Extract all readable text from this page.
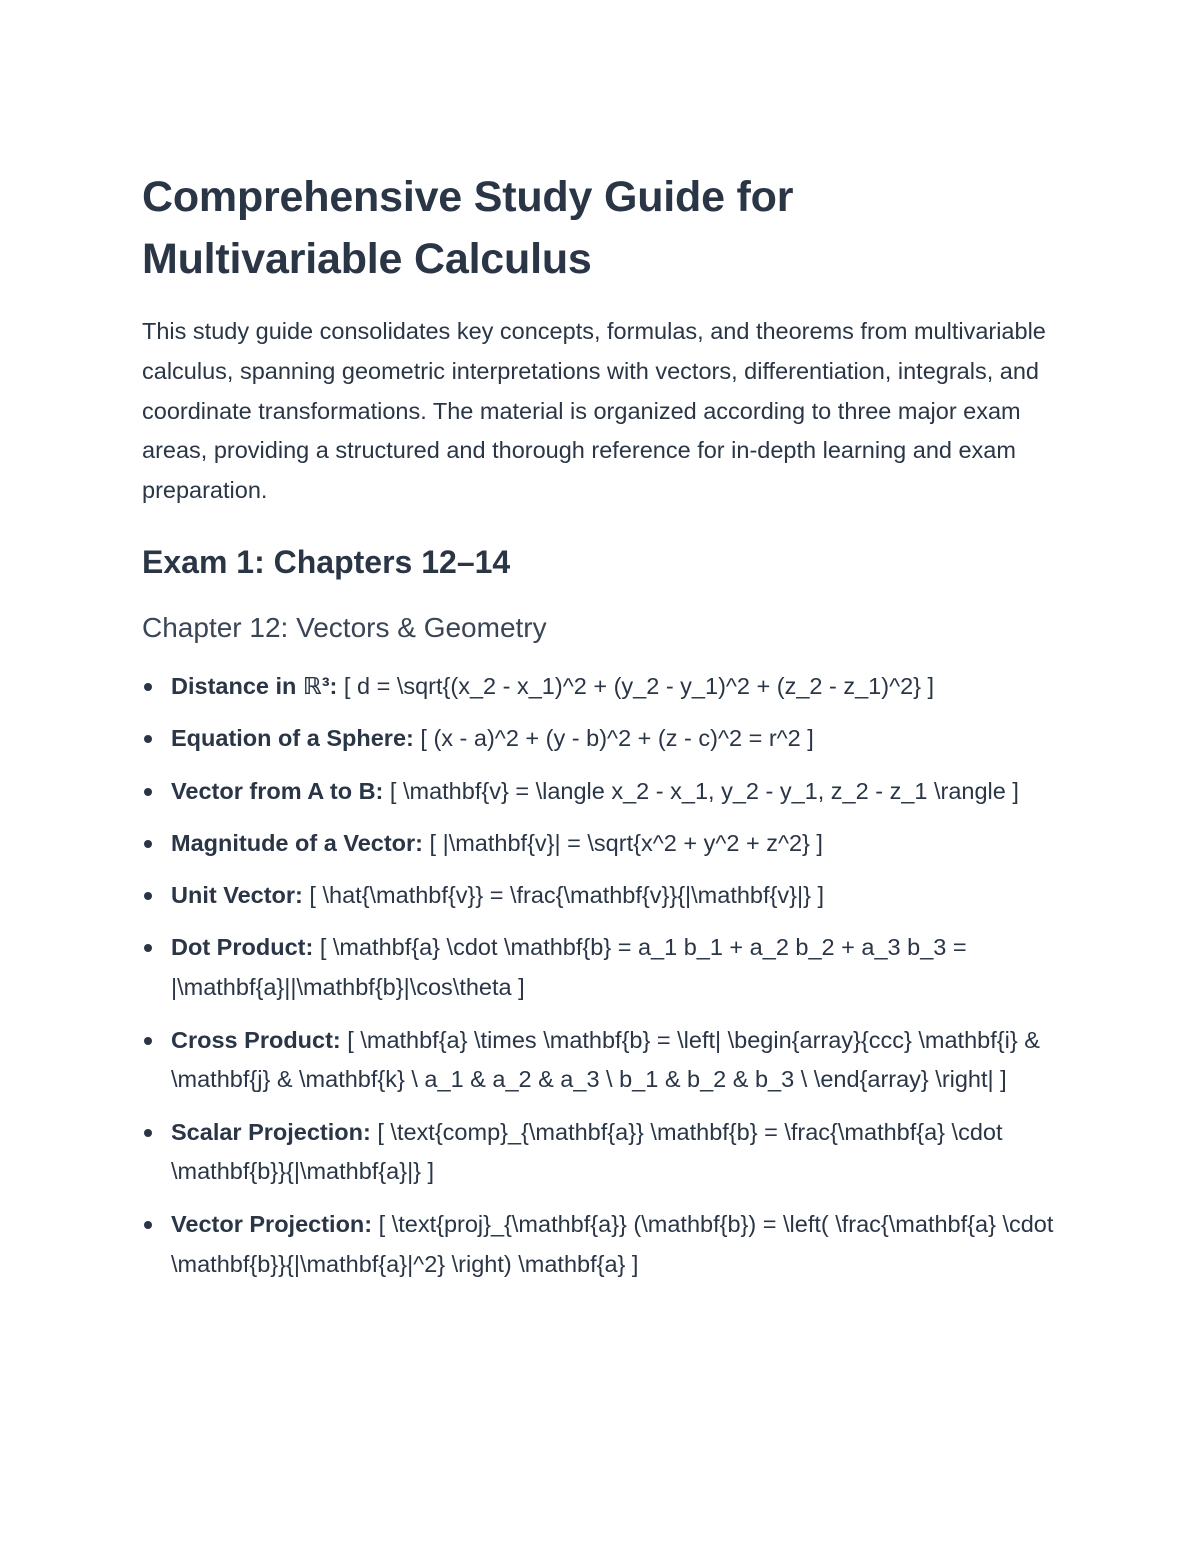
Comprehensive Study Guide for Multivariable Calculus

This study guide consolidates key concepts, formulas, and theorems from multivariable calculus, spanning geometric interpretations with vectors, differentiation, integrals, and coordinate transformations. The material is organized according to three major exam areas, providing a structured and thorough reference for in-depth learning and exam preparation.

Exam 1: Chapters 12–14
Chapter 12: Vectors & Geometry
Distance in ℝ³: [ d = \sqrt{(x_2 - x_1)^2 + (y_2 - y_1)^2 + (z_2 - z_1)^2} ]
Equation of a Sphere: [ (x - a)^2 + (y - b)^2 + (z - c)^2 = r^2 ]
Vector from A to B: [ \mathbf{v} = \langle x_2 - x_1, y_2 - y_1, z_2 - z_1 \rangle ]
Magnitude of a Vector: [ |\mathbf{v}| = \sqrt{x^2 + y^2 + z^2} ]
Unit Vector: [ \hat{\mathbf{v}} = \frac{\mathbf{v}}{|\mathbf{v}|} ]
Dot Product: [ \mathbf{a} \cdot \mathbf{b} = a_1 b_1 + a_2 b_2 + a_3 b_3 = |\mathbf{a}||\mathbf{b}|\cos\theta ]
Cross Product: [ \mathbf{a} \times \mathbf{b} = \left| \begin{array}{ccc} \mathbf{i} & \mathbf{j} & \mathbf{k} \ a_1 & a_2 & a_3 \ b_1 & b_2 & b_3 \ \end{array} \right| ]
Scalar Projection: [ \text{comp}_{\mathbf{a}} \mathbf{b} = \frac{\mathbf{a} \cdot \mathbf{b}}{|\mathbf{a}|} ]
Vector Projection: [ \text{proj}_{\mathbf{a}} (\mathbf{b}) = \left( \frac{\mathbf{a} \cdot \mathbf{b}}{|\mathbf{a}|^2} \right) \mathbf{a} ]
